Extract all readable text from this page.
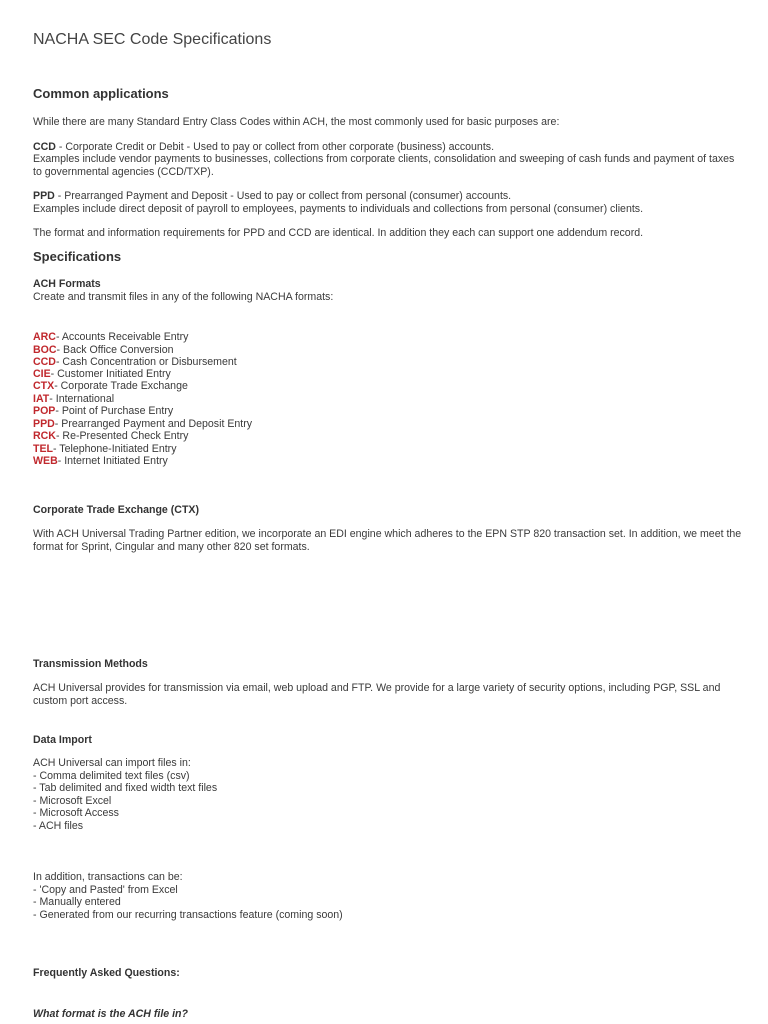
NACHA SEC Code Specifications
Common applications
While there are many Standard Entry Class Codes within ACH, the most commonly used for basic purposes are:
CCD - Corporate Credit or Debit - Used to pay or collect from other corporate (business) accounts.
Examples include vendor payments to businesses, collections from corporate clients, consolidation and sweeping of cash funds and payment of taxes to governmental agencies (CCD/TXP).
PPD - Prearranged Payment and Deposit - Used to pay or collect from personal (consumer) accounts.
Examples include direct deposit of payroll to employees, payments to individuals and collections from personal (consumer) clients.
The format and information requirements for PPD and CCD are identical. In addition they each can support one addendum record.
Specifications
ACH Formats
Create and transmit files in any of the following NACHA formats:
ARC- Accounts Receivable Entry
BOC- Back Office Conversion
CCD- Cash Concentration or Disbursement
CIE- Customer Initiated Entry
CTX- Corporate Trade Exchange
IAT- International
POP- Point of Purchase Entry
PPD- Prearranged Payment and Deposit Entry
RCK- Re-Presented Check Entry
TEL- Telephone-Initiated Entry
WEB- Internet Initiated Entry
Corporate Trade Exchange (CTX)
With ACH Universal Trading Partner edition, we incorporate an EDI engine which adheres to the EPN STP 820 transaction set. In addition, we meet the format for Sprint, Cingular and many other 820 set formats.
Transmission Methods
ACH Universal provides for transmission via email, web upload and FTP. We provide for a large variety of security options, including PGP, SSL and custom port access.
Data Import
ACH Universal can import files in:
- Comma delimited text files (csv)
- Tab delimited and fixed width text files
- Microsoft Excel
- Microsoft Access
- ACH files
In addition, transactions can be:
- 'Copy and Pasted' from Excel
- Manually entered
- Generated from our recurring transactions feature (coming soon)
Frequently Asked Questions:
What format is the ACH file in?
